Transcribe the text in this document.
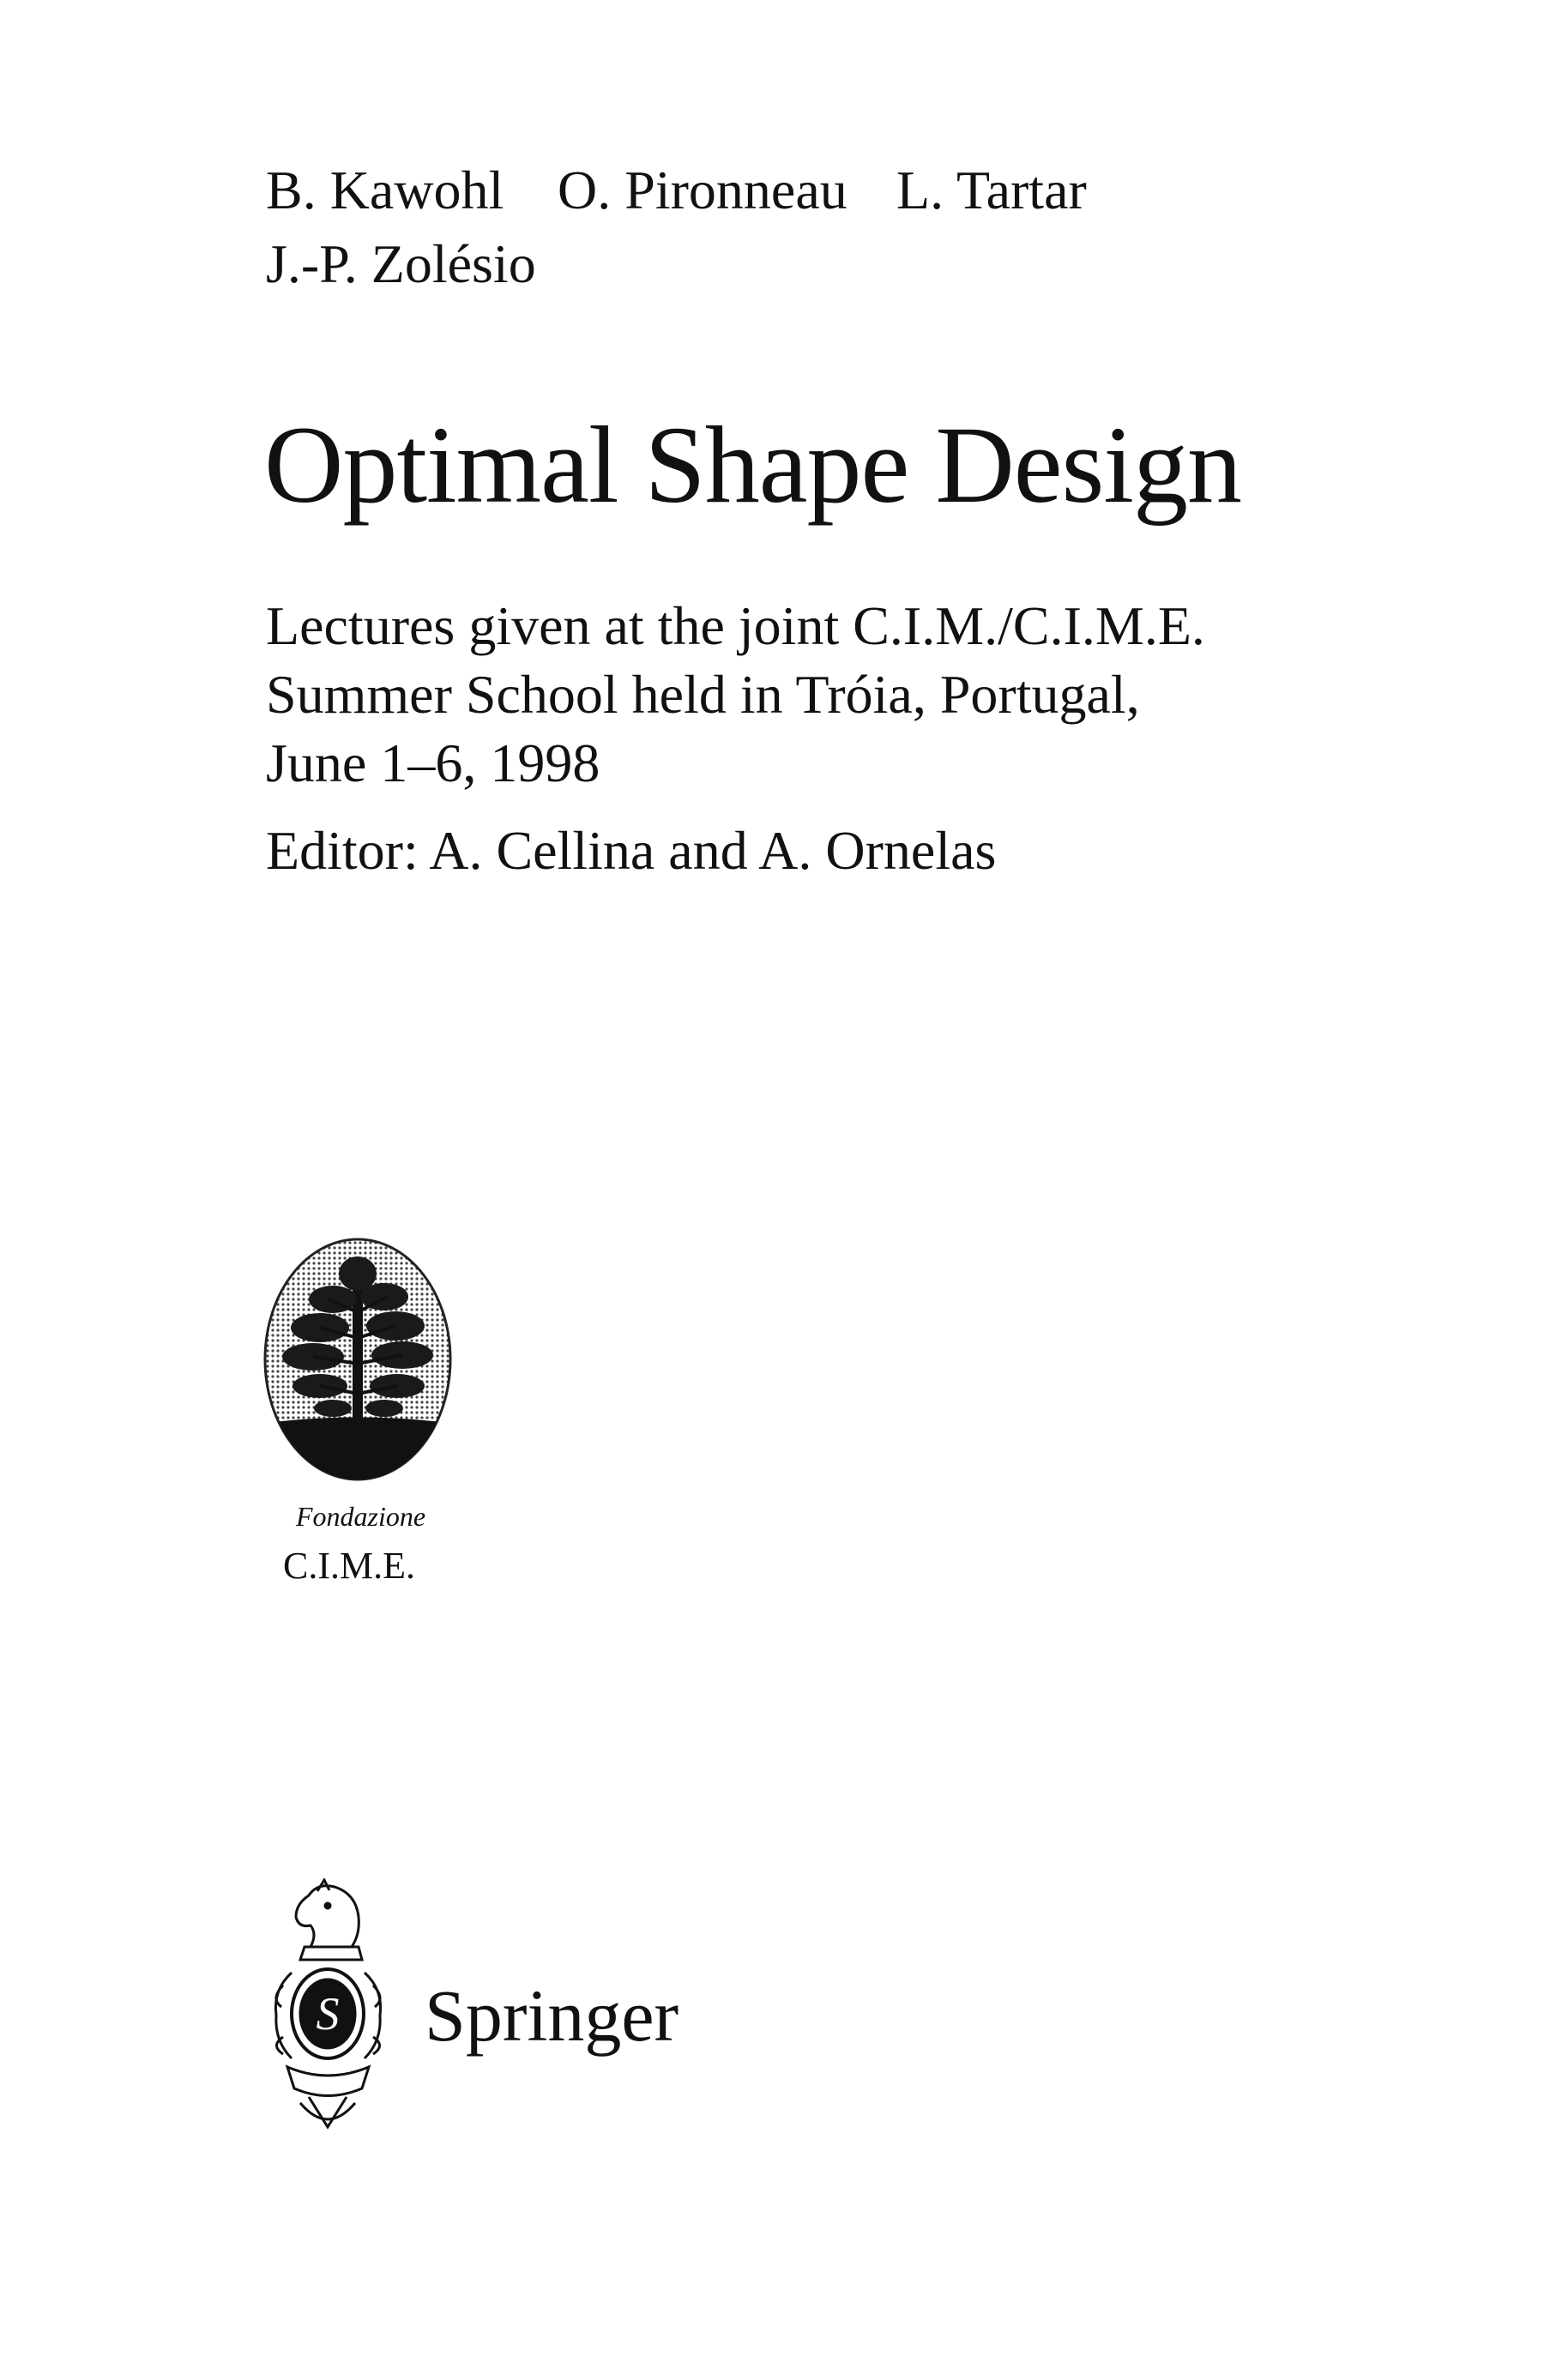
B. Kawohl O. Pironneau L. Tartar
J.-P. Zolésio
Optimal Shape Design
Lectures given at the joint C.I.M./C.I.M.E.
Summer School held in Tróia, Portugal,
June 1–6, 1998
Editor: A. Cellina and A. Ornelas
Fondazione
C.I.M.E.
S Springer
